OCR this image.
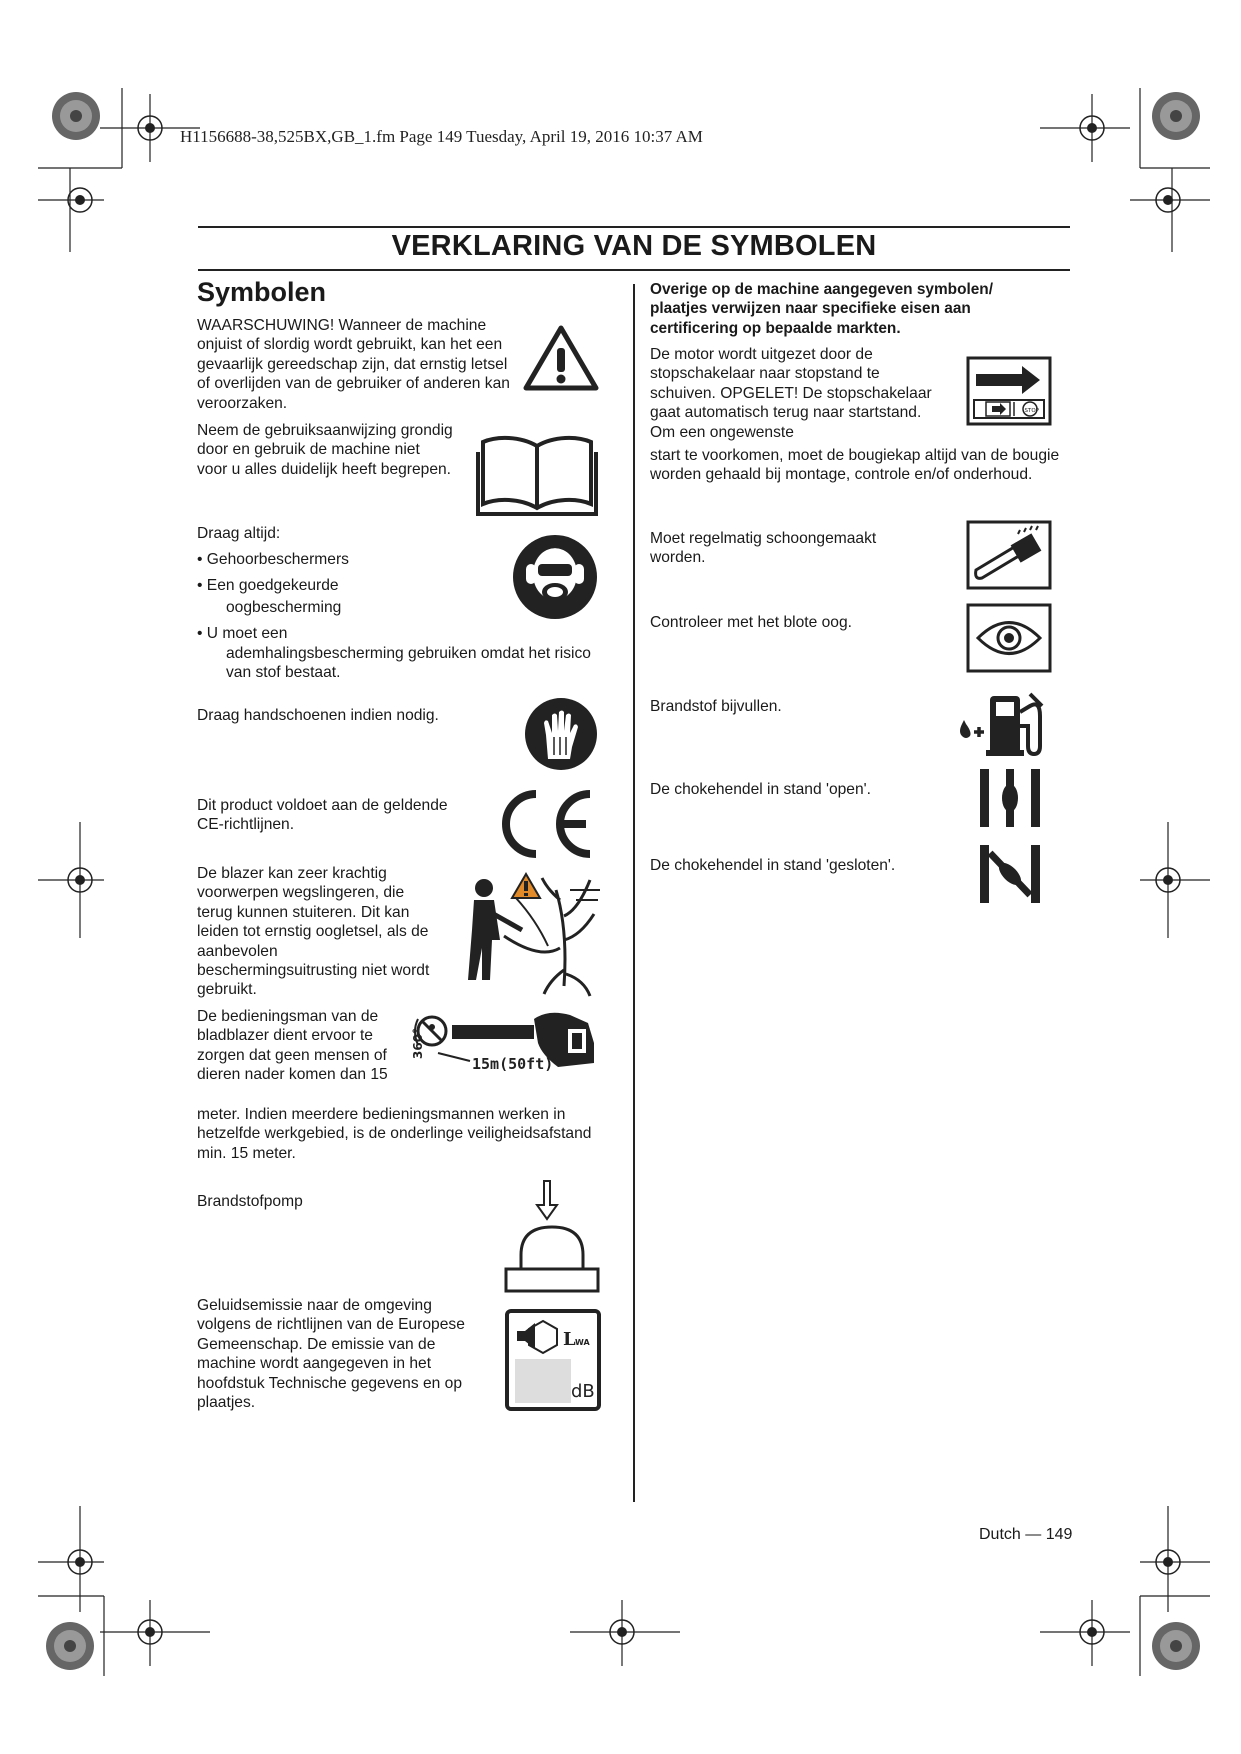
H1156688-38,525BX,GB_1.fm Page 149 Tuesday, April 19, 2016 10:37 AM
VERKLARING VAN DE SYMBOLEN
Symbolen
WAARSCHUWING! Wanneer de machine onjuist of slordig wordt gebruikt, kan het een gevaarlijk gereedschap zijn, dat ernstig letsel of overlijden van de gebruiker of anderen kan veroorzaken.
Neem de gebruiksaanwijzing grondig door en gebruik de machine niet voor u alles duidelijk heeft begrepen.
Draag altijd:
• Gehoorbeschermers
• Een goedgekeurde
oogbescherming
• U moet een
ademhalingsbescherming gebruiken omdat het risico van stof bestaat.
Draag handschoenen indien nodig.
Dit product voldoet aan de geldende CE-richtlijnen.
De blazer kan zeer krachtig voorwerpen wegslingeren, die terug kunnen stuiteren. Dit kan leiden tot ernstig oogletsel, als de aanbevolen beschermingsuitrusting niet wordt gebruikt.
De bedieningsman van de bladblazer dient ervoor te zorgen dat geen mensen of dieren nader komen dan 15
meter. Indien meerdere bedieningsmannen werken in hetzelfde werkgebied, is de onderlinge veiligheidsafstand min. 15 meter.
Brandstofpomp
Geluidsemissie naar de omgeving volgens de richtlijnen van de Europese Gemeenschap. De emissie van de machine wordt aangegeven in het hoofdstuk Technische gegevens en op plaatjes.
Overige op de machine aangegeven symbolen/ plaatjes verwijzen naar specifieke eisen aan certificering op bepaalde markten.
De motor wordt uitgezet door de stopschakelaar naar stopstand te schuiven. OPGELET! De stopschakelaar gaat automatisch terug naar startstand. Om een ongewenste
start te voorkomen, moet de bougiekap altijd van de bougie worden gehaald bij montage, controle en/of onderhoud.
Moet regelmatig schoongemaakt worden.
Controleer met het blote oog.
Brandstof bijvullen.
De chokehendel in stand 'open'.
De chokehendel in stand 'gesloten'.
Dutch — 149
360°
15m(50ft)
L WA
dB
STOP
